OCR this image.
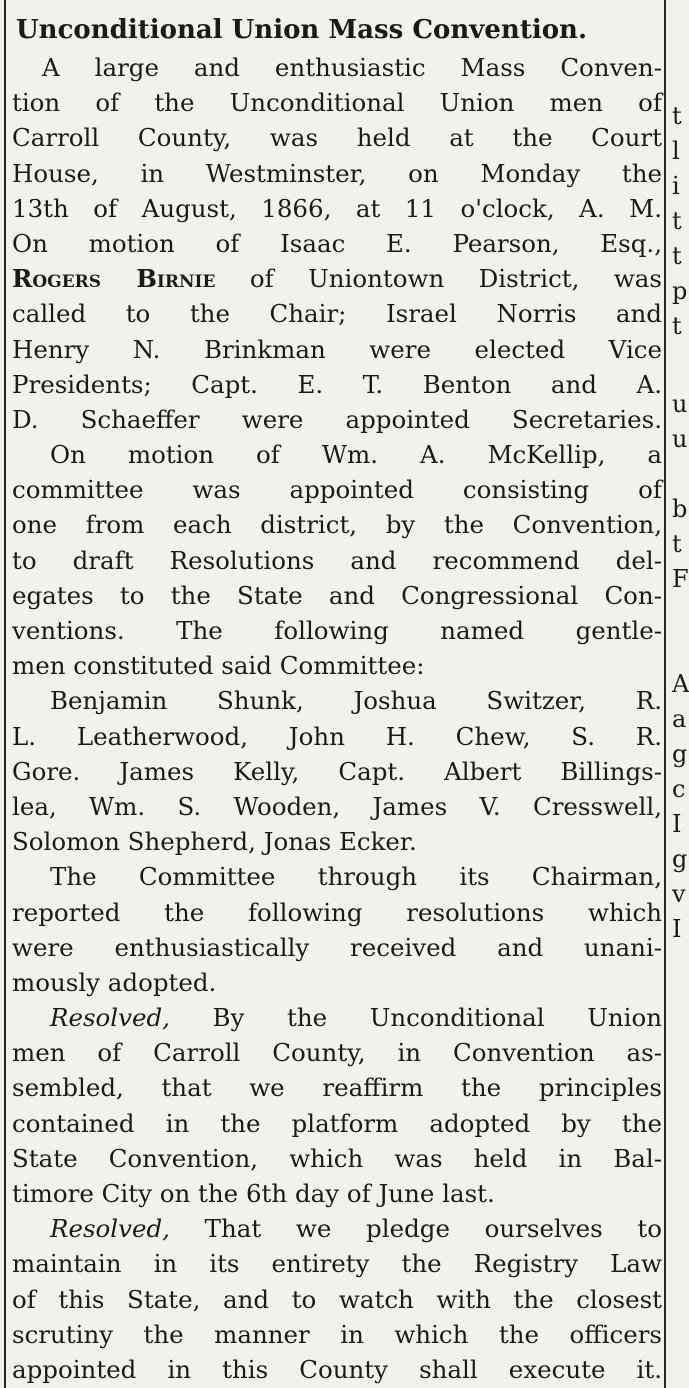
Unconditional Union Mass Convention.
A large and enthusiastic Mass Conven-
tion of the Unconditional Union men of
Carroll County, was held at the Court
House, in Westminster, on Monday the
13th of August, 1866, at 11 o'clock, A. M.
On motion of Isaac E. Pearson, Esq.,
Rogers Birnie of Uniontown District, was
called to the Chair; Israel Norris and
Henry N. Brinkman were elected Vice
Presidents; Capt. E. T. Benton and A.
D. Schaeffer were appointed Secretaries.
On motion of Wm. A. McKellip, a
committee was appointed consisting of
one from each district, by the Convention,
to draft Resolutions and recommend del-
egates to the State and Congressional Con-
ventions. The following named gentle-
men constituted said Committee:
Benjamin Shunk, Joshua Switzer, R.
L. Leatherwood, John H. Chew, S. R.
Gore. James Kelly, Capt. Albert Billings-
lea, Wm. S. Wooden, James V. Cresswell,
Solomon Shepherd, Jonas Ecker.
The Committee through its Chairman,
reported the following resolutions which
were enthusiastically received and unani-
mously adopted.
Resolved, By the Unconditional Union
men of Carroll County, in Convention as-
sembled, that we reaffirm the principles
contained in the platform adopted by the
State Convention, which was held in Bal-
timore City on the 6th day of June last.
Resolved, That we pledge ourselves to
maintain in its entirety the Registry Law
of this State, and to watch with the closest
scrutiny the manner in which the officers
appointed in this County shall execute it.
t
l
i
t
t
p
t
u
u
b
t
F
A
a
g
c
I
g
v
I
